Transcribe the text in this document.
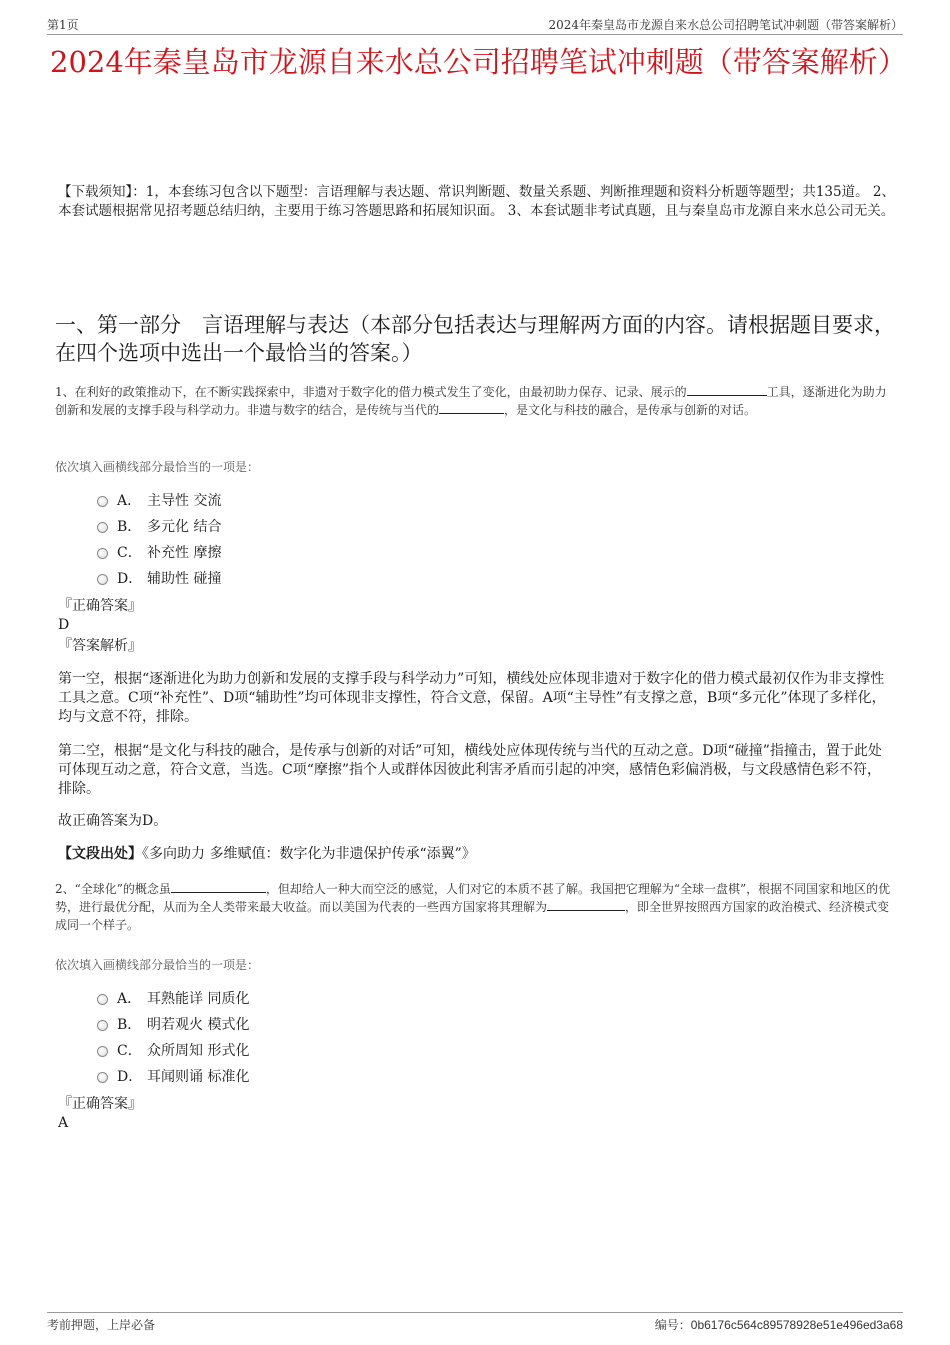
第1页	2024年秦皇岛市龙源自来水总公司招聘笔试冲刺题（带答案解析）
2024年秦皇岛市龙源自来水总公司招聘笔试冲刺题（带答案解析）
【下载须知】：1，本套练习包含以下题型：言语理解与表达题、常识判断题、数量关系题、判断推理题和资料分析题等题型；共135道。 2、本套试题根据常见招考题总结归纳，主要用于练习答题思路和拓展知识面。 3、本套试题非考试真题，且与秦皇岛市龙源自来水总公司无关。
一、第一部分　言语理解与表达（本部分包括表达与理解两方面的内容。请根据题目要求，在四个选项中选出一个最恰当的答案。）
1、在利好的政策推动下，在不断实践探索中，非遗对于数字化的借力模式发生了变化，由最初助力保存、记录、展示的	工具，逐渐进化为助力创新和发展的支撑手段与科学动力。非遗与数字的结合，是传统与当代的	，是文化与科技的融合，是传承与创新的对话。
依次填入画横线部分最恰当的一项是：
A． 主导性 交流
B． 多元化 结合
C． 补充性 摩擦
D． 辅助性 碰撞
『正确答案』
D
『答案解析』
第一空，根据“逐渐进化为助力创新和发展的支撑手段与科学动力”可知，横线处应体现非遗对于数字化的借力模式最初仅作为非支撑性工具之意。C项“补充性”、D项“辅助性”均可体现非支撑性，符合文意，保留。A项“主导性”有支撑之意，B项“多元化”体现了多样化，均与文意不符，排除。
第二空，根据“是文化与科技的融合，是传承与创新的对话”可知，横线处应体现传统与当代的互动之意。D项“碰撞”指撞击，置于此处可体现互动之意，符合文意，当选。C项“摩擦”指个人或群体因彼此利害矛盾而引起的冲突，感情色彩偏消极，与文段感情色彩不符，排除。
故正确答案为D。
【文段出处】《多向助力 多维赋值：数字化为非遗保护传承“添翼”》
2、“全球化”的概念虽	，但却给人一种大而空泛的感觉，人们对它的本质不甚了解。我国把它理解为“全球一盘棋”，根据不同国家和地区的优势，进行最优分配，从而为全人类带来最大收益。而以美国为代表的一些西方国家将其理解为	，即全世界按照西方国家的政治模式、经济模式变成同一个样子。
依次填入画横线部分最恰当的一项是：
A． 耳熟能详 同质化
B． 明若观火 模式化
C． 众所周知 形式化
D． 耳闻则诵 标准化
『正确答案』
A
考前押题，上岸必备	编号：0b6176c564c89578928e51e496ed3a68
